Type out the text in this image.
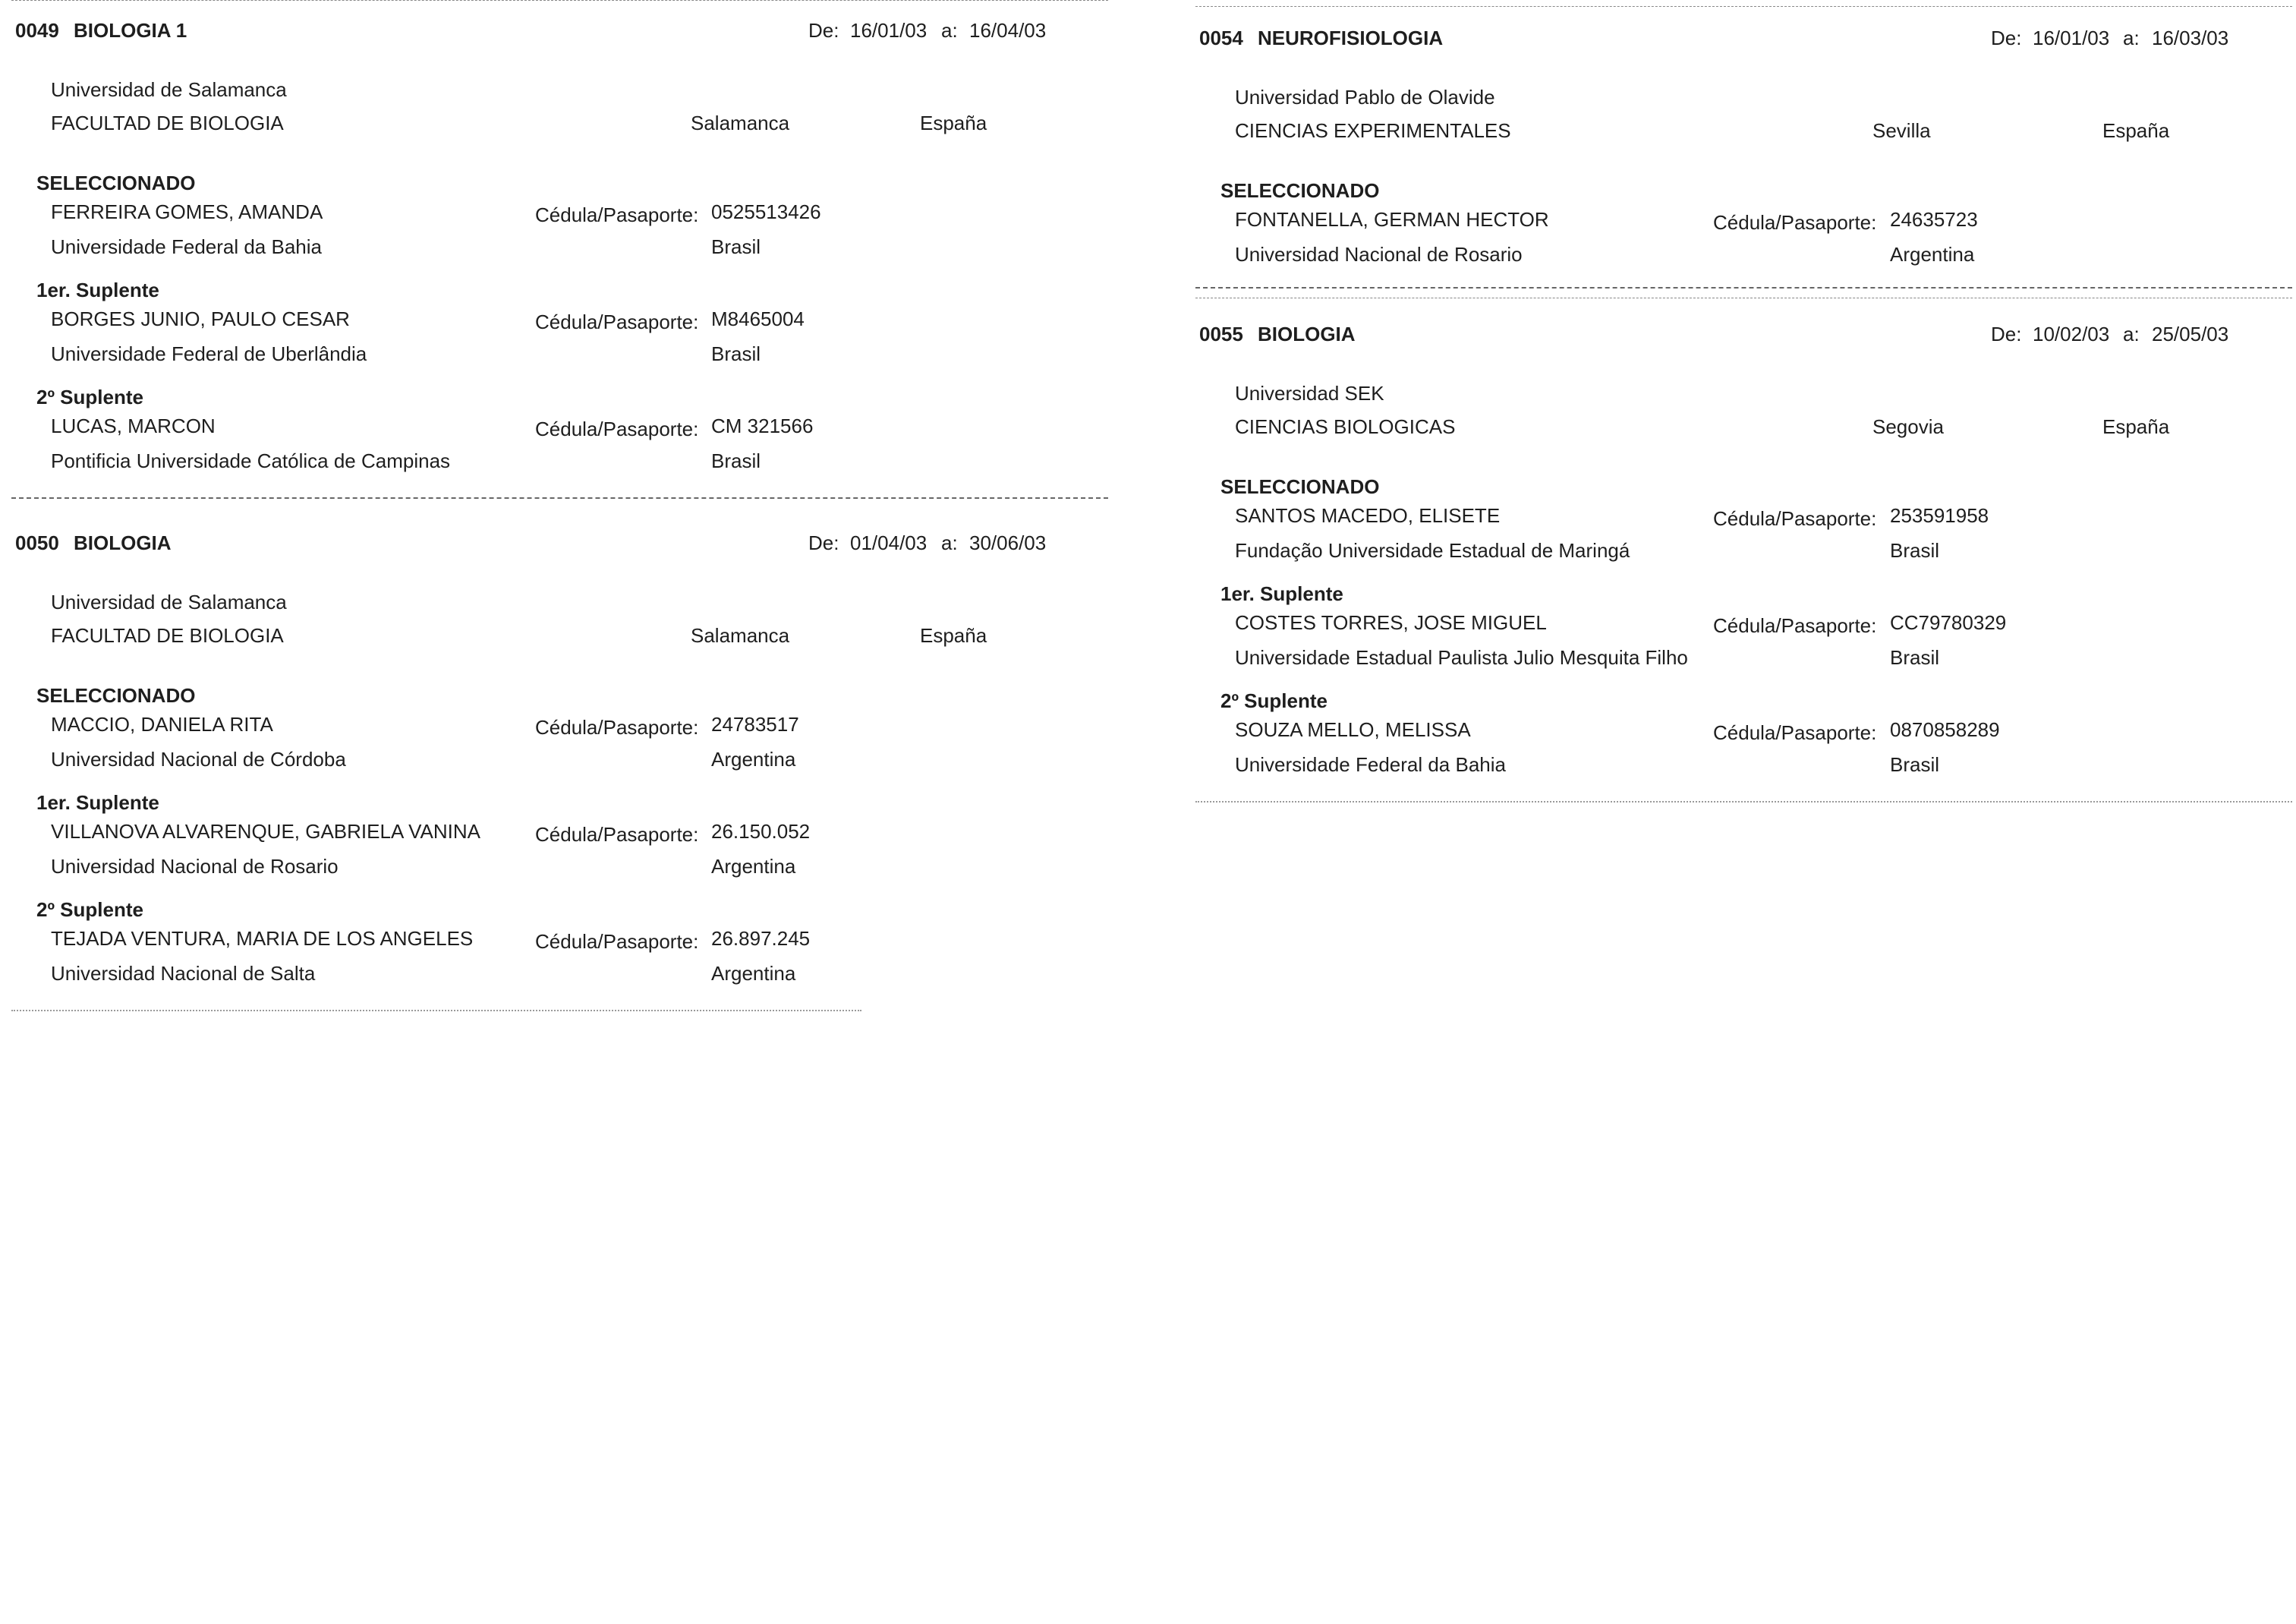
0049 BIOLOGIA 1	De: 16/01/03 a: 16/04/03
Universidad de Salamanca
FACULTAD DE BIOLOGIA	Salamanca	España
SELECCIONADO
FERREIRA GOMES, AMANDA	Cédula/Pasaporte: 0525513426
Universidade Federal da Bahia	Brasil
1er. Suplente
BORGES JUNIO, PAULO CESAR	Cédula/Pasaporte: M8465004
Universidade Federal de Uberlândia	Brasil
2º Suplente
LUCAS, MARCON	Cédula/Pasaporte: CM 321566
Pontificia Universidade Católica de Campinas	Brasil
0050 BIOLOGIA	De: 01/04/03 a: 30/06/03
Universidad de Salamanca
FACULTAD DE BIOLOGIA	Salamanca	España
SELECCIONADO
MACCIO, DANIELA RITA	Cédula/Pasaporte: 24783517
Universidad Nacional de Córdoba	Argentina
1er. Suplente
VILLANOVA ALVARENQUE, GABRIELA VANINA	Cédula/Pasaporte: 26.150.052
Universidad Nacional de Rosario	Argentina
2º Suplente
TEJADA VENTURA, MARIA DE LOS ANGELES	Cédula/Pasaporte: 26.897.245
Universidad Nacional de Salta	Argentina
0054 NEUROFISIOLOGIA	De: 16/01/03 a: 16/03/03
Universidad Pablo de Olavide
CIENCIAS EXPERIMENTALES	Sevilla	España
SELECCIONADO
FONTANELLA, GERMAN HECTOR	Cédula/Pasaporte: 24635723
Universidad Nacional de Rosario	Argentina
0055 BIOLOGIA	De: 10/02/03 a: 25/05/03
Universidad SEK
CIENCIAS BIOLOGICAS	Segovia	España
SELECCIONADO
SANTOS MACEDO, ELISETE	Cédula/Pasaporte: 253591958
Fundação Universidade Estadual de Maringá	Brasil
1er. Suplente
COSTES TORRES, JOSE MIGUEL	Cédula/Pasaporte: CC79780329
Universidade Estadual Paulista Julio Mesquita Filho	Brasil
2º Suplente
SOUZA MELLO, MELISSA	Cédula/Pasaporte: 0870858289
Universidade Federal da Bahia	Brasil
